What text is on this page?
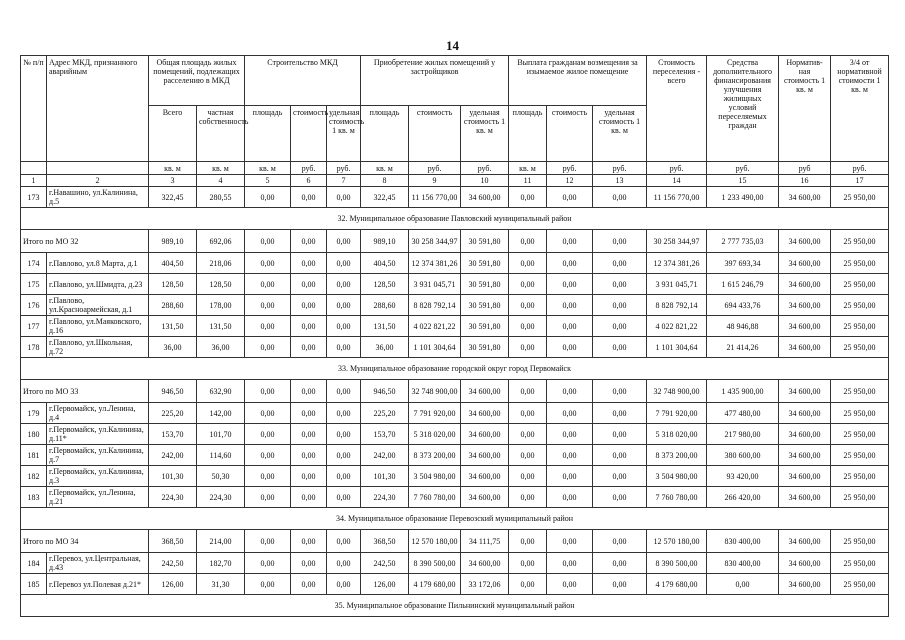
14
№ п/п	Адрес МКД, признанного аварийным	Общая площадь жилых помещений, подлежащих расселению в МКД		Строительство МКД			Приобретение жилых помещений у застройщиков			Выплата гражданам возмещения за изымаемое жилое помещение			Стоимость переселения - всего	Средства дополнительного финансирования улучшения жилищных условий переселяемых граждан	Норматив-ная стоимость 1 кв. м	3/4 от нормативной стоимости 1 кв. м
		Всего	частная собственность	площадь	стоимость	удельная стоимость 1 кв. м	площадь	стоимость	удельная стоимость 1 кв. м	площадь	стоимость	удельная стоимость 1 кв. м				
		кв. м	кв. м	кв. м	руб.	руб.	кв. м	руб.	руб.	кв. м	руб.	руб.	руб.	руб.	руб	руб.
1	2	3	4	5	6	7	8	9	10	11	12	13	14	15	16	17
173	г.Навашино, ул.Калинина, д.5	322,45	280,55	0,00	0,00	0,00	322,45	11 156 770,00	34 600,00	0,00	0,00	0,00	11 156 770,00	1 233 490,00	34 600,00	25 950,00
32. Муниципальное образование Павловский муниципальный район																
Итого по МО 32		989,10	692,06	0,00	0,00	0,00	989,10	30 258 344,97	30 591,80	0,00	0,00	0,00	30 258 344,97	2 777 735,03	34 600,00	25 950,00
174	г.Павлово, ул.8 Марта, д.1	404,50	218,06	0,00	0,00	0,00	404,50	12 374 381,26	30 591,80	0,00	0,00	0,00	12 374 381,26	397 693,34	34 600,00	25 950,00
175	г.Павлово, ул.Шмидта, д.23	128,50	128,50	0,00	0,00	0,00	128,50	3 931 045,71	30 591,80	0,00	0,00	0,00	3 931 045,71	1 615 246,79	34 600,00	25 950,00
176	г.Павлово, ул.Красноармейская, д.1	288,60	178,00	0,00	0,00	0,00	288,60	8 828 792,14	30 591,80	0,00	0,00	0,00	8 828 792,14	694 433,76	34 600,00	25 950,00
177	г.Павлово, ул.Маяковского, д.16	131,50	131,50	0,00	0,00	0,00	131,50	4 022 821,22	30 591,80	0,00	0,00	0,00	4 022 821,22	48 946,88	34 600,00	25 950,00
178	г.Павлово, ул.Школьная, д.72	36,00	36,00	0,00	0,00	0,00	36,00	1 101 304,64	30 591,80	0,00	0,00	0,00	1 101 304,64	21 414,26	34 600,00	25 950,00
33. Муниципальное образование городской округ город Первомайск																
Итого по МО 33		946,50	632,90	0,00	0,00	0,00	946,50	32 748 900,00	34 600,00	0,00	0,00	0,00	32 748 900,00	1 435 900,00	34 600,00	25 950,00
179	г.Первомайск, ул.Ленина, д.4	225,20	142,00	0,00	0,00	0,00	225,20	7 791 920,00	34 600,00	0,00	0,00	0,00	7 791 920,00	477 480,00	34 600,00	25 950,00
180	г.Первомайск, ул.Калинина, д.11*	153,70	101,70	0,00	0,00	0,00	153,70	5 318 020,00	34 600,00	0,00	0,00	0,00	5 318 020,00	217 980,00	34 600,00	25 950,00
181	г.Первомайск, ул.Калинина, д.7	242,00	114,60	0,00	0,00	0,00	242,00	8 373 200,00	34 600,00	0,00	0,00	0,00	8 373 200,00	380 600,00	34 600,00	25 950,00
182	г.Первомайск, ул.Калинина, д.3	101,30	50,30	0,00	0,00	0,00	101,30	3 504 980,00	34 600,00	0,00	0,00	0,00	3 504 980,00	93 420,00	34 600,00	25 950,00
183	г.Первомайск, ул.Ленина, д.21	224,30	224,30	0,00	0,00	0,00	224,30	7 760 780,00	34 600,00	0,00	0,00	0,00	7 760 780,00	266 420,00	34 600,00	25 950,00
34. Муниципальное образование Перевозский муниципальный район																
Итого по МО 34		368,50	214,00	0,00	0,00	0,00	368,50	12 570 180,00	34 111,75	0,00	0,00	0,00	12 570 180,00	830 400,00	34 600,00	25 950,00
184	г.Перевоз, ул.Центральная, д.43	242,50	182,70	0,00	0,00	0,00	242,50	8 390 500,00	34 600,00	0,00	0,00	0,00	8 390 500,00	830 400,00	34 600,00	25 950,00
185	г.Перевоз ул.Полевая д.21*	126,00	31,30	0,00	0,00	0,00	126,00	4 179 680,00	33 172,06	0,00	0,00	0,00	4 179 680,00	0,00	34 600,00	25 950,00
35. Муниципальное образование Пильнинский муниципальный район																
